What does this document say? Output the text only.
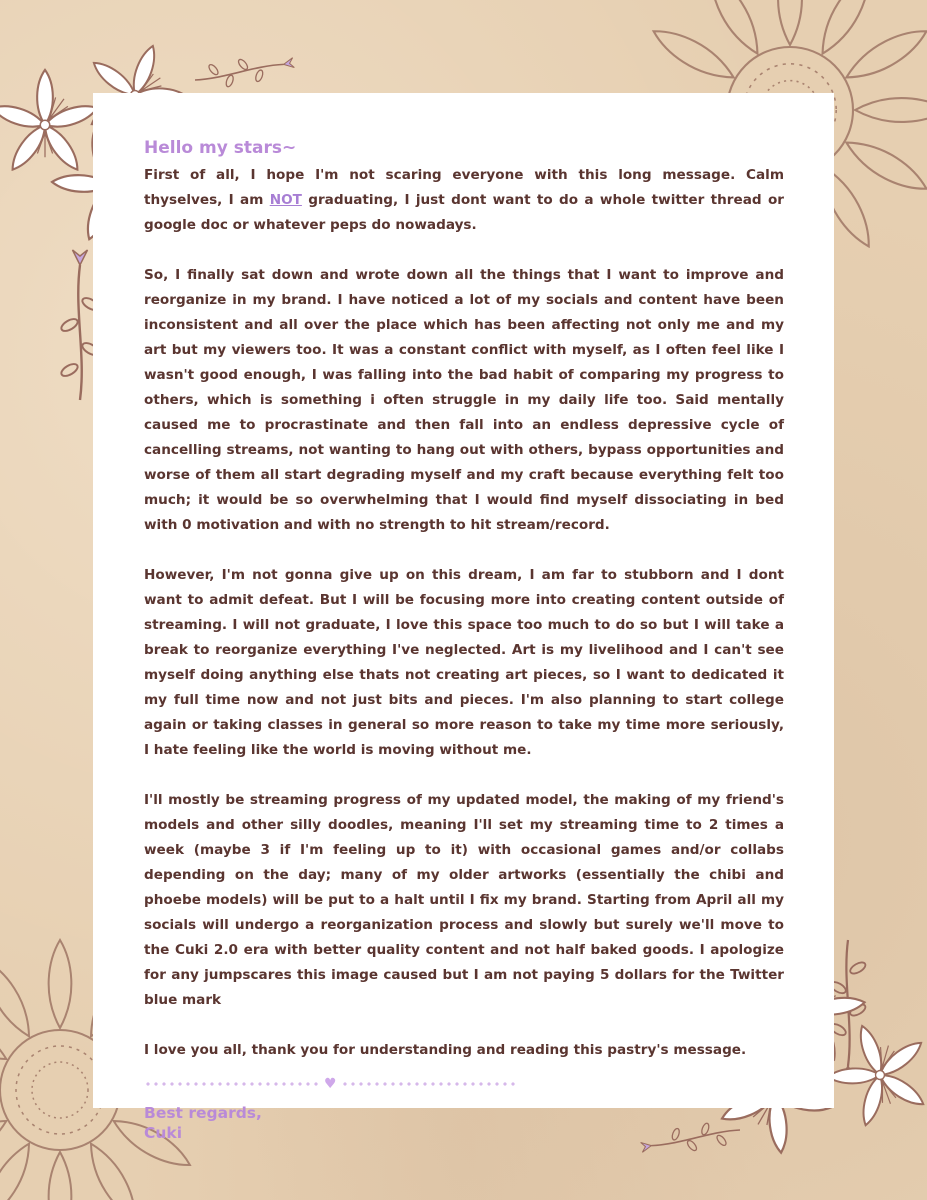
Hello my stars~

First of all, I hope I'm not scaring everyone with this long message. Calm thyselves, I am NOT graduating, I just dont want to do a whole twitter thread or google doc or whatever peps do nowadays.

So, I finally sat down and wrote down all the things that I want to improve and reorganize in my brand. I have noticed a lot of my socials and content have been inconsistent and all over the place which has been affecting not only me and my art but my viewers too. It was a constant conflict with myself, as I often feel like I wasn't good enough, I was falling into the bad habit of comparing my progress to others, which is something i often struggle in my daily life too. Said mentally caused me to procrastinate and then fall into an endless depressive cycle of cancelling streams, not wanting to hang out with others, bypass opportunities and worse of them all start degrading myself and my craft because everything felt too much; it would be so overwhelming that I would find myself dissociating in bed with 0 motivation and with no strength to hit stream/record.

However, I'm not gonna give up on this dream, I am far to stubborn and I dont want to admit defeat. But I will be focusing more into creating content outside of streaming. I will not graduate, I love this space too much to do so but I will take a break to reorganize everything I've neglected. Art is my livelihood and I can't see myself doing anything else thats not creating art pieces, so I want to dedicated it my full time now and not just bits and pieces. I'm also planning to start college again or taking classes in general so more reason to take my time more seriously, I hate feeling like the world is moving without me.

I'll mostly be streaming progress of my updated model, the making of my friend's models and other silly doodles, meaning I'll set my streaming time to 2 times a week (maybe 3 if I'm feeling up to it) with occasional games and/or collabs depending on the day; many of my older artworks (essentially the chibi and phoebe models) will be put to a halt until I fix my brand. Starting from April all my socials will undergo a reorganization process and slowly but surely we'll move to the Cuki 2.0 era with better quality content and not half baked goods. I apologize for any jumpscares this image caused but I am not paying 5 dollars for the Twitter blue mark

I love you all, thank you for understanding and reading this pastry's message.

♥
Best regards,
Cuki
